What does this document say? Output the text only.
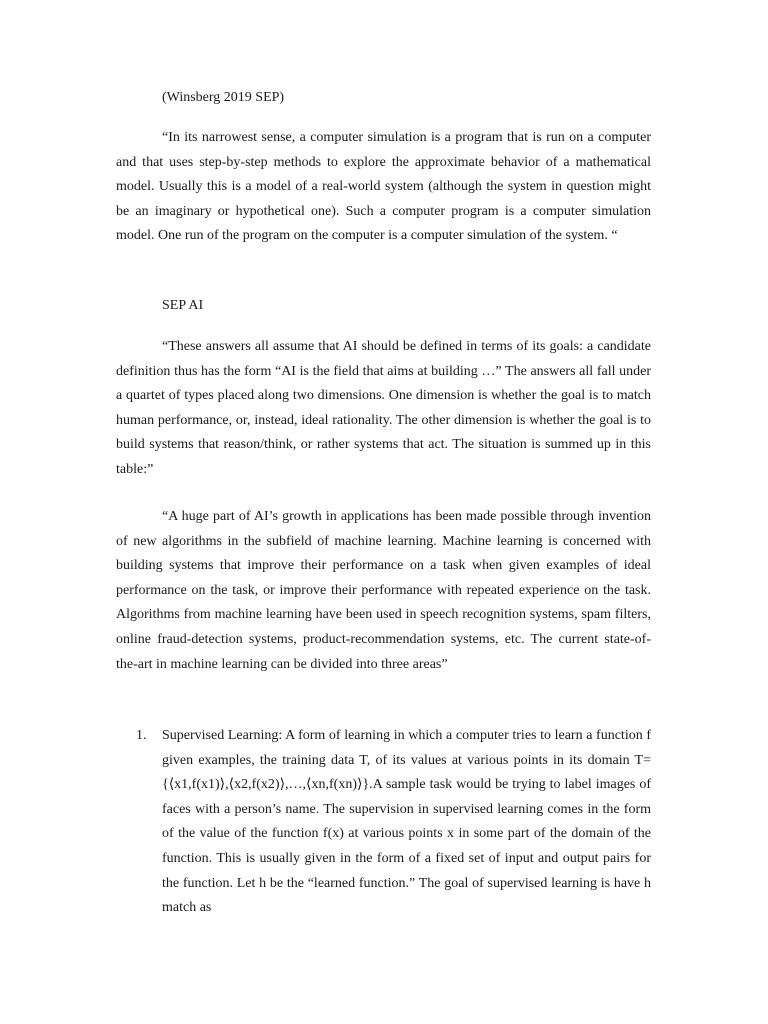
(Winsberg 2019 SEP)

“In its narrowest sense, a computer simulation is a program that is run on a computer and that uses step-by-step methods to explore the approximate behavior of a mathematical model. Usually this is a model of a real-world system (although the system in question might be an imaginary or hypothetical one). Such a computer program is a computer simulation model. One run of the program on the computer is a computer simulation of the system. “

SEP AI

“These answers all assume that AI should be defined in terms of its goals: a candidate definition thus has the form “AI is the field that aims at building …” The answers all fall under a quartet of types placed along two dimensions. One dimension is whether the goal is to match human performance, or, instead, ideal rationality. The other dimension is whether the goal is to build systems that reason/think, or rather systems that act. The situation is summed up in this table:”

“A huge part of AI’s growth in applications has been made possible through invention of new algorithms in the subfield of machine learning. Machine learning is concerned with building systems that improve their performance on a task when given examples of ideal performance on the task, or improve their performance with repeated experience on the task. Algorithms from machine learning have been used in speech recognition systems, spam filters, online fraud-detection systems, product-recommendation systems, etc. The current state-of-the-art in machine learning can be divided into three areas”

1. Supervised Learning: A form of learning in which a computer tries to learn a function f given examples, the training data T, of its values at various points in its domain T={⟨x1,f(x1)⟩,⟨x2,f(x2)⟩,…,⟨xn,f(xn)⟩}.A sample task would be trying to label images of faces with a person’s name. The supervision in supervised learning comes in the form of the value of the function f(x) at various points x in some part of the domain of the function. This is usually given in the form of a fixed set of input and output pairs for the function. Let h be the “learned function.” The goal of supervised learning is have h match as
